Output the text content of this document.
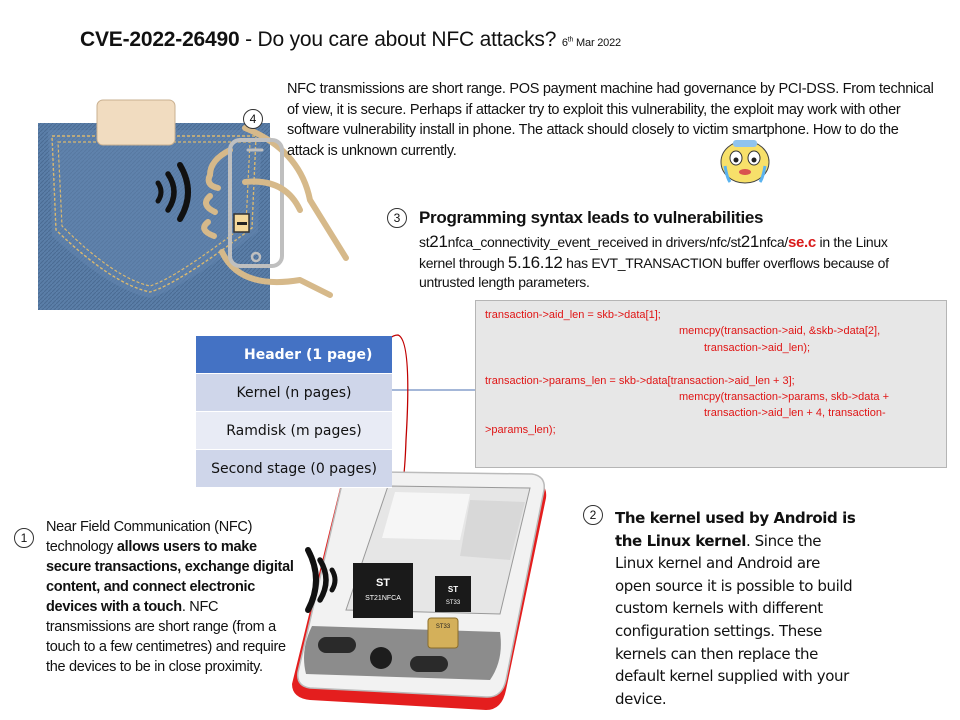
ST
ST21NFCA
ST
ST33
ST33
CVE-2022-26490 - Do you care about NFC attacks? 6th Mar 2022
4
NFC transmissions are short range. POS payment machine had governance by PCI-DSS. From technical of view, it is secure. Perhaps if attacker try to exploit this vulnerability, the exploit may work with other software vulnerability install in phone. The attack should closely to victim smartphone. How to do the attack is unknown currently.
3	Programming syntax leads to vulnerabilities
st21nfca_connectivity_event_received in drivers/nfc/st21nfca/se.c in the Linux kernel through 5.16.12 has EVT_TRANSACTION buffer overflows because of untrusted length parameters.
transaction->aid_len = skb->data[1];
memcpy(transaction->aid, &skb->data[2],
transaction->aid_len);

transaction->params_len = skb->data[transaction->aid_len + 3];
memcpy(transaction->params, skb->data +
transaction->aid_len + 4, transaction-
>params_len);
Header (1 page)
Kernel (n pages)
Ramdisk (m pages)
Second stage (0 pages)
1
Near Field Communication (NFC) technology allows users to make secure transactions, exchange digital content, and connect electronic devices with a touch. NFC transmissions are short range (from a touch to a few centimetres) and require the devices to be in close proximity.
2	The kernel used by Android is the Linux kernel. Since the Linux kernel and Android are open source it is possible to build custom kernels with different configuration settings. These kernels can then replace the default kernel supplied with your device.
